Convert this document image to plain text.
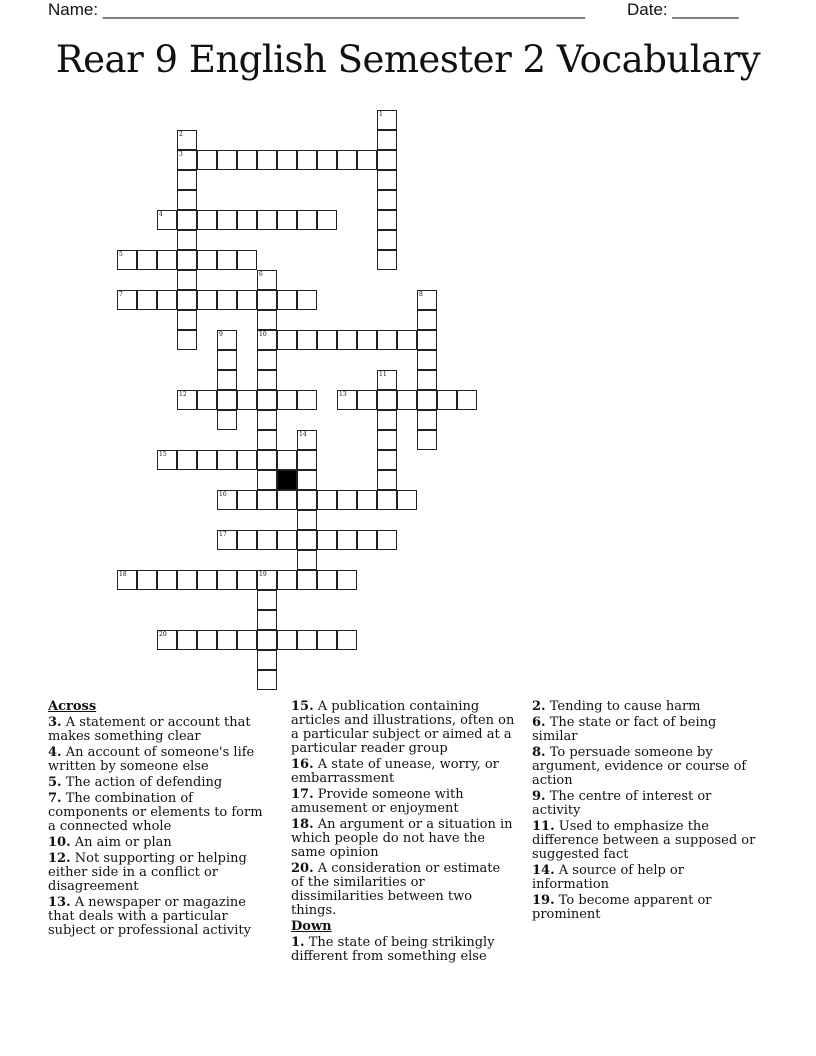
Name: ___________________________________________________ Date: _______
Rear 9 English Semester 2 Vocabulary
1
2
3
4
5
6
10
7	8
9
11
12	13
14
15
16
17
18	19
20
Across
3. A statement or account that makes something clear
4. An account of someone's life written by someone else
5. The action of defending
7. The combination of components or elements to form a connected whole
10. An aim or plan
12. Not supporting or helping either side in a conflict or disagreement
13. A newspaper or magazine that deals with a particular subject or professional activity
15. A publication containing articles and illustrations, often on a particular subject or aimed at a particular reader group
16. A state of unease, worry, or embarrassment
17. Provide someone with amusement or enjoyment
18. An argument or a situation in which people do not have the same opinion
20. A consideration or estimate of the similarities or dissimilarities between two things.
Down
1. The state of being strikingly different from something else
2. Tending to cause harm
6. The state or fact of being similar
8. To persuade someone by argument, evidence or course of action
9. The centre of interest or activity
11. Used to emphasize the difference between a supposed or suggested fact
14. A source of help or information
19. To become apparent or prominent
